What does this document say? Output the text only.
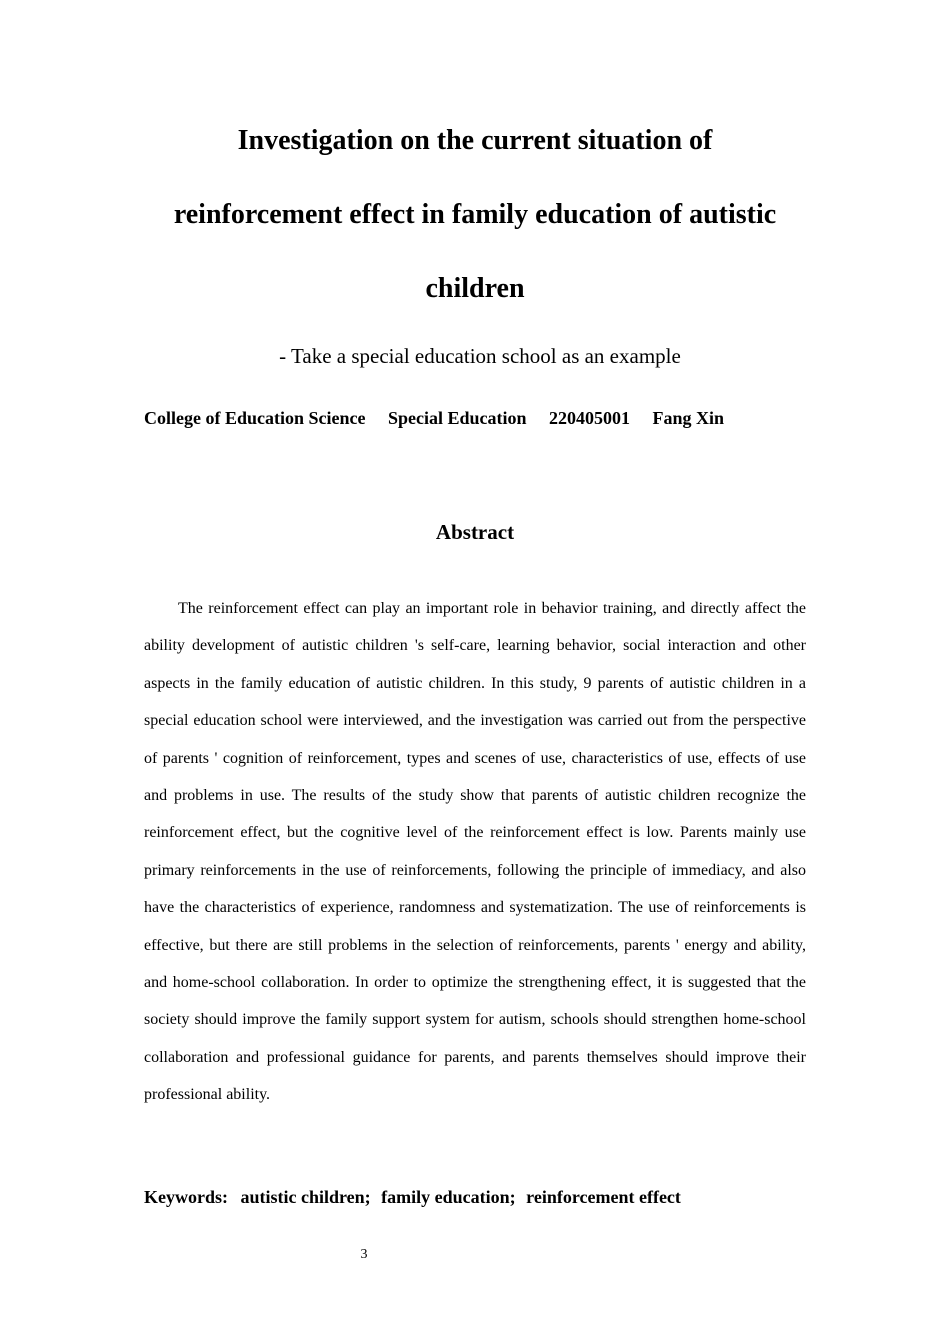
Investigation on the current situation of
reinforcement effect in family education of autistic
children
- Take a special education school as an example
College of Education Science Special Education 220405001 Fang Xin
Abstract

The reinforcement effect can play an important role in behavior training, and directly affect the ability development of autistic children 's self-care, learning behavior, social interaction and other aspects in the family education of autistic children. In this study, 9 parents of autistic children in a special education school were interviewed, and the investigation was carried out from the perspective of parents ' cognition of reinforcement, types and scenes of use, characteristics of use, effects of use and problems in use. The results of the study show that parents of autistic children recognize the reinforcement effect, but the cognitive level of the reinforcement effect is low. Parents mainly use primary reinforcements in the use of reinforcements, following the principle of immediacy, and also have the characteristics of experience, randomness and systematization. The use of reinforcements is effective, but there are still problems in the selection of reinforcements, parents ' energy and ability, and home-school collaboration. In order to optimize the strengthening effect, it is suggested that the society should improve the family support system for autism, schools should strengthen home-school collaboration and professional guidance for parents, and parents themselves should improve their professional ability.

Keywords: autistic children; family education; reinforcement effect
3
